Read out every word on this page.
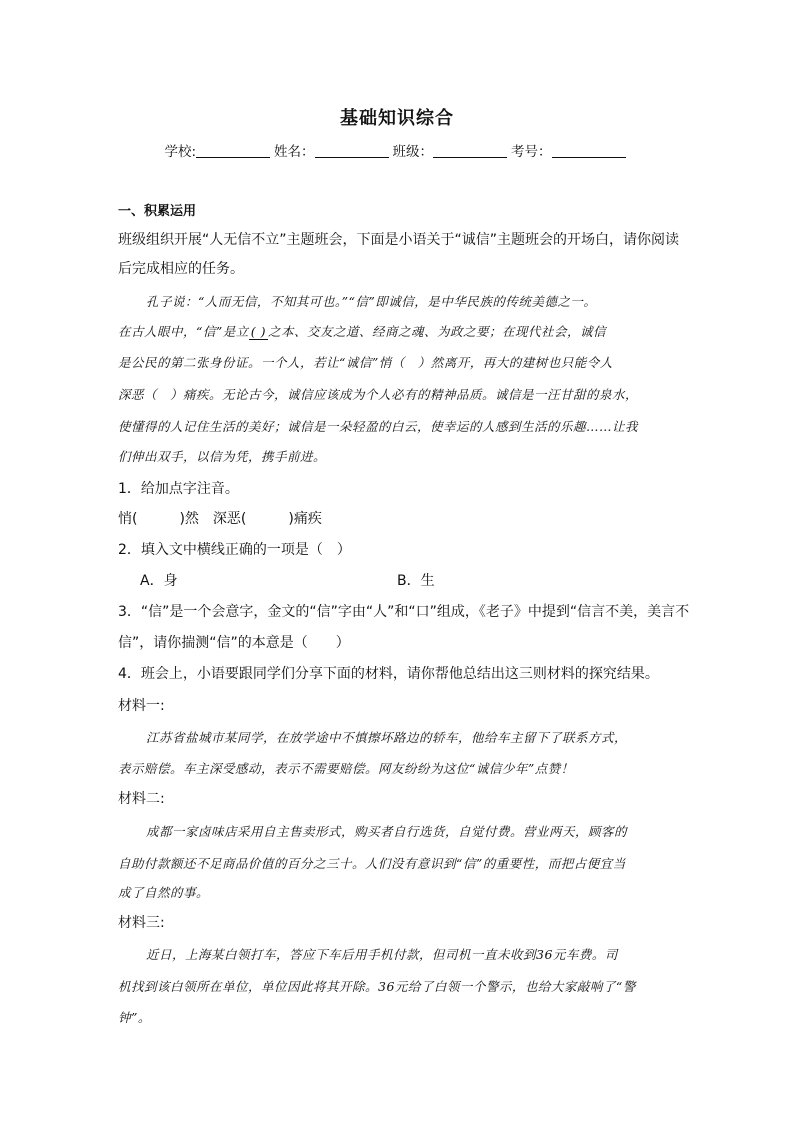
基础知识综合
学校:	姓名：	班级：	考号：
一、积累运用
班级组织开展“人无信不立”主题班会，下面是小语关于“诚信”主题班会的开场白，请你阅读
后完成相应的任务。
孔子说：“人而无信，不知其可也。”“信”即诚信，是中华民族的传统美德之一。
在古人眼中，“信”是立 ( ) 之本、交友之道、经商之魂、为政之要；在现代社会，诚信
是公民的第二张身份证。一个人，若让“诚信”悄（　）然离开，再大的建树也只能令人
深恶（　）痛疾。无论古今，诚信应该成为个人必有的精神品质。诚信是一汪甘甜的泉水，
使懂得的人记住生活的美好；诚信是一朵轻盈的白云，使幸运的人感到生活的乐趣……让我
们伸出双手，以信为凭，携手前进。
1．给加点字注音。
悄(　　　)然　深恶(　　　)痛疾
2．填入文中横线正确的一项是（　）
A．身	B．生
3．“信”是一个会意字，金文的“信”字由“人”和“口”组成，《老子》中提到“信言不美，美言不
信”，请你揣测“信”的本意是（　　）
4．班会上，小语要跟同学们分享下面的材料，请你帮他总结出这三则材料的探究结果。
材料一:
江苏省盐城市某同学，在放学途中不慎擦坏路边的轿车，他给车主留下了联系方式，
表示赔偿。车主深受感动，表示不需要赔偿。网友纷纷为这位“诚信少年”点赞！
材料二:
成都一家卤味店采用自主售卖形式，购买者自行选货，自觉付费。营业两天，顾客的
自助付款额还不足商品价值的百分之三十。人们没有意识到“信”的重要性，而把占便宜当
成了自然的事。
材料三:
近日，上海某白领打车，答应下车后用手机付款，但司机一直未收到36元车费。司
机找到该白领所在单位，单位因此将其开除。36元给了白领一个警示，也给大家敲响了“警
钟”。
